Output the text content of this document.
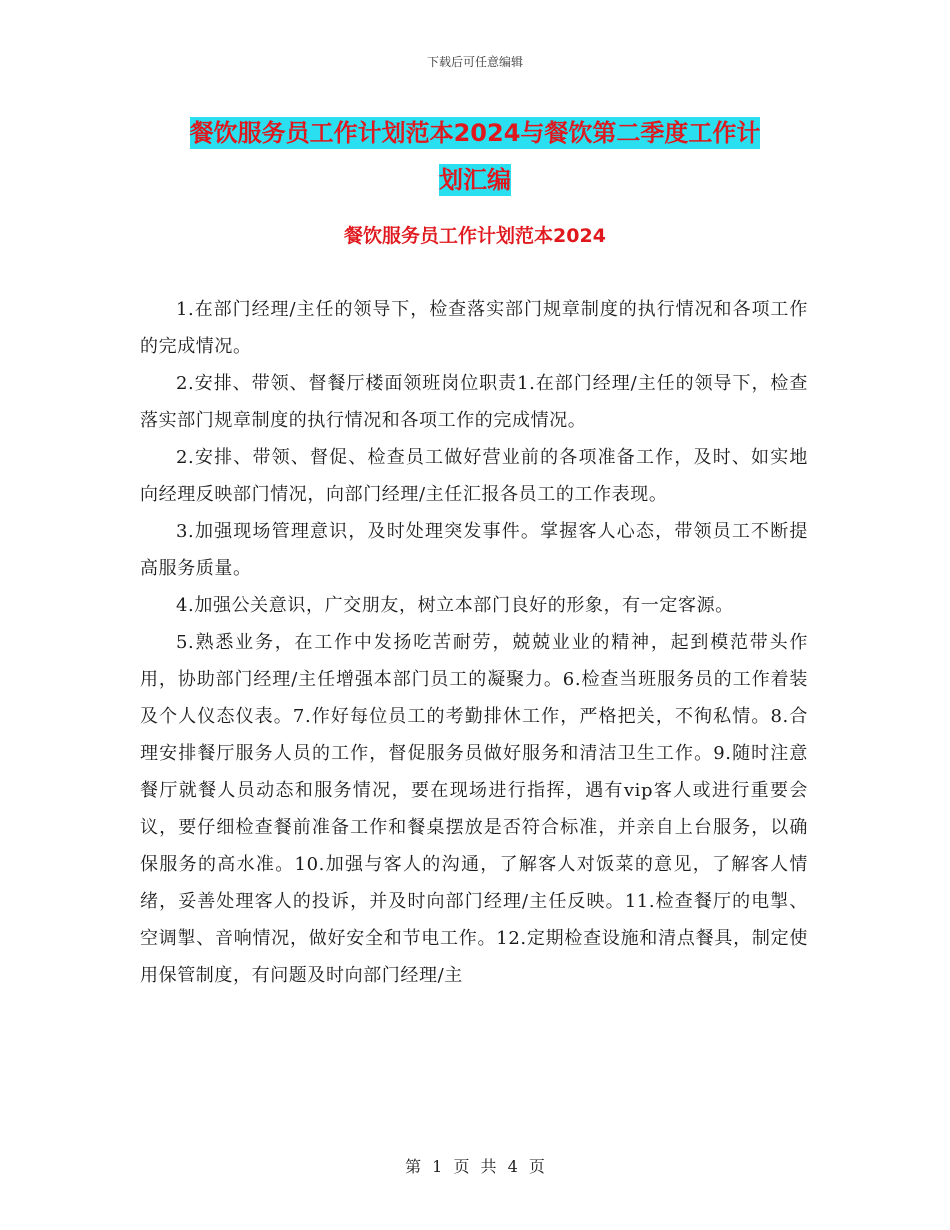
下载后可任意编辑
餐饮服务员工作计划范本2024与餐饮第二季度工作计
划汇编
餐饮服务员工作计划范本2024

1.在部门经理/主任的领导下，检查落实部门规章制度的执行情况和各项工作的完成情况。

2.安排、带领、督餐厅楼面领班岗位职责1.在部门经理/主任的领导下，检查落实部门规章制度的执行情况和各项工作的完成情况。

2.安排、带领、督促、检查员工做好营业前的各项准备工作，及时、如实地向经理反映部门情况，向部门经理/主任汇报各员工的工作表现。

3.加强现场管理意识，及时处理突发事件。掌握客人心态，带领员工不断提高服务质量。

4.加强公关意识，广交朋友，树立本部门良好的形象，有一定客源。

5.熟悉业务，在工作中发扬吃苦耐劳，兢兢业业的精神，起到模范带头作用，协助部门经理/主任增强本部门员工的凝聚力。6.检查当班服务员的工作着装及个人仪态仪表。7.作好每位员工的考勤排休工作，严格把关，不徇私情。8.合理安排餐厅服务人员的工作，督促服务员做好服务和清洁卫生工作。9.随时注意餐厅就餐人员动态和服务情况，要在现场进行指挥，遇有vip客人或进行重要会议，要仔细检查餐前准备工作和餐桌摆放是否符合标准，并亲自上台服务，以确保服务的高水准。10.加强与客人的沟通，了解客人对饭菜的意见，了解客人情绪，妥善处理客人的投诉，并及时向部门经理/主任反映。11.检查餐厅的电掣、空调掣、音响情况，做好安全和节电工作。12.定期检查设施和清点餐具，制定使用保管制度，有问题及时向部门经理/主

第 1 页 共 4 页
